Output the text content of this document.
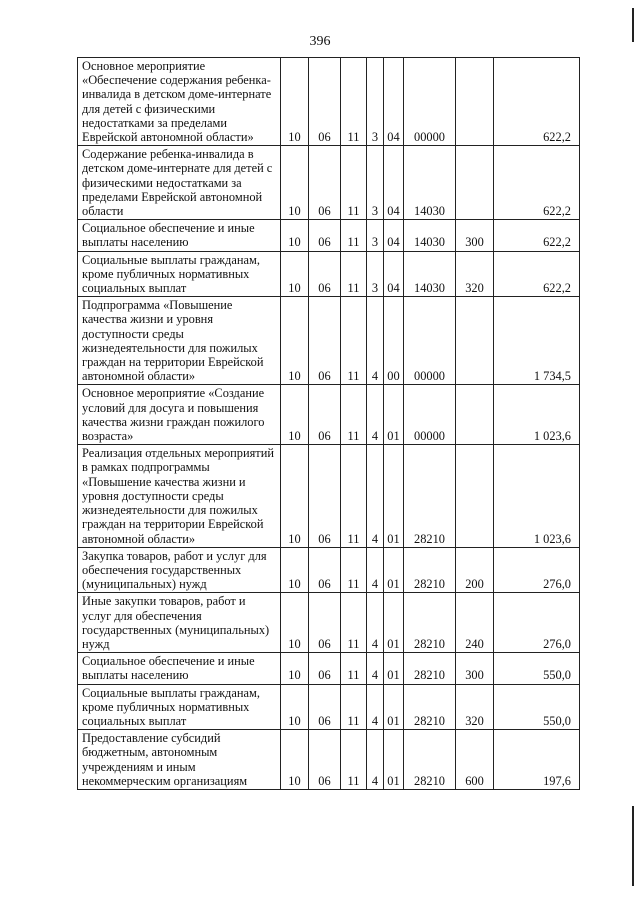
396
Основное мероприятие «Обеспечение содержания ребенка-инвалида в детском доме-интернате для детей с физическими недостатками за пределами Еврейской автономной области»	10	06	11	3	04	00000		622,2
Содержание ребенка-инвалида в детском доме-интернате для детей с физическими недостатками за пределами Еврейской автономной области	10	06	11	3	04	14030		622,2
Социальное обеспечение и иные выплаты населению	10	06	11	3	04	14030	300	622,2
Социальные выплаты гражданам, кроме публичных нормативных социальных выплат	10	06	11	3	04	14030	320	622,2
Подпрограмма «Повышение качества жизни и уровня доступности среды жизнедеятельности для пожилых граждан на территории Еврейской автономной области»	10	06	11	4	00	00000		1 734,5
Основное мероприятие «Создание условий для досуга и повышения качества жизни граждан пожилого возраста»	10	06	11	4	01	00000		1 023,6
Реализация отдельных мероприятий в рамках подпрограммы «Повышение качества жизни и уровня доступности среды жизнедеятельности для пожилых граждан на территории Еврейской автономной области»	10	06	11	4	01	28210		1 023,6
Закупка товаров, работ и услуг для обеспечения государственных (муниципальных) нужд	10	06	11	4	01	28210	200	276,0
Иные закупки товаров, работ и услуг для обеспечения государственных (муниципальных) нужд	10	06	11	4	01	28210	240	276,0
Социальное обеспечение и иные выплаты населению	10	06	11	4	01	28210	300	550,0
Социальные выплаты гражданам, кроме публичных нормативных социальных выплат	10	06	11	4	01	28210	320	550,0
Предоставление субсидий бюджетным, автономным учреждениям и иным некоммерческим организациям	10	06	11	4	01	28210	600	197,6
